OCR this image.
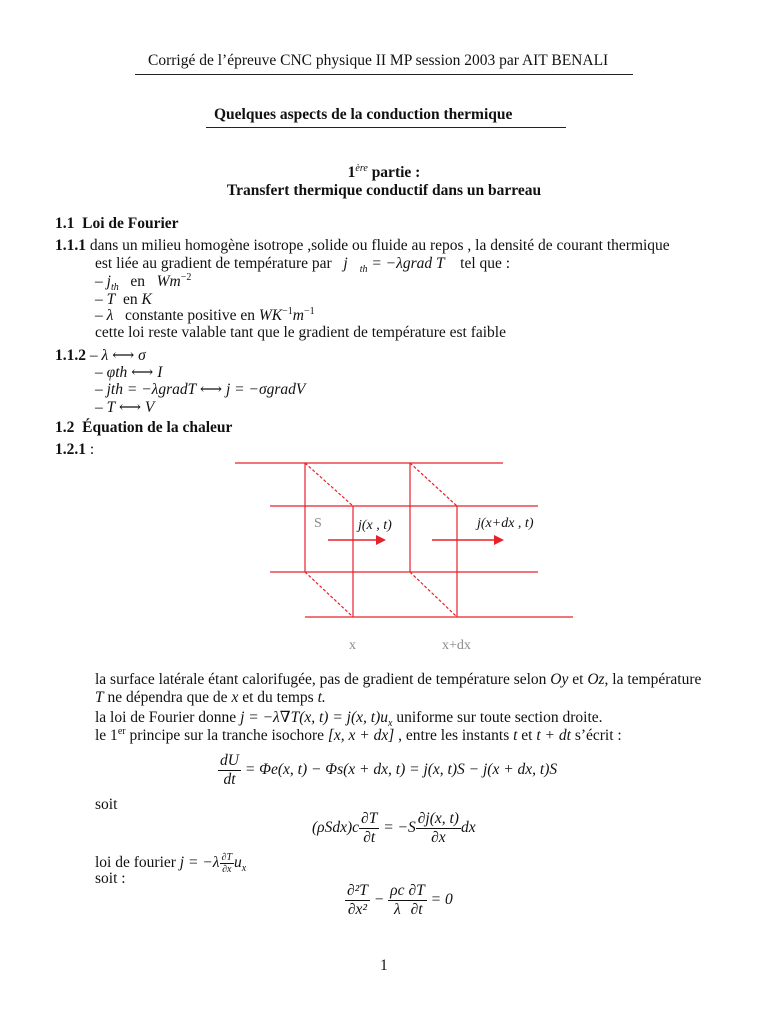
Corrigé de l’épreuve CNC physique II MP session 2003 par AIT BENALI
Quelques aspects de la conduction thermique
1ère partie :
Transfert thermique conductif dans un barreau
1.1 Loi de Fourier
1.1.1 dans un milieu homogène isotrope ,solide ou fluide au repos , la densité de courant thermique
est liée au gradient de température par $j⃗_{th}$ = −λgrad T tel que :
– $j_{th}$ en $Wm^{-2}$
– T en K
– λ constante positive en $WK^{-1}m^{-1}$
cette loi reste valable tant que le gradient de température est faible
1.1.2 – λ ⟷ σ
– φth ⟷ I
– jth = −λgradT ⟷ j = −σgradV
– T ⟷ V
1.2 Équation de la chaleur
1.2.1 :
S	j(x , t)	j(x+dx , t)
x	x+dx
la surface latérale étant calorifugée, pas de gradient de température selon Oy et Oz, la température
T ne dépendra que de x et du temps t.
la loi de Fourier donne j = −λ∇T(x, t) = j(x, $t)u_x$ uniforme sur toute section droite.
le 1er principe sur la tranche isochore [x, x + dx] , entre les instants t et t + dt s’écrit :
$\frac{dU}{dt} = \Phi e(x$, t) − Φs(x + dx, t) = j(x, t)S − j(x + dx, t)S
soit
$(\rho Sdx)c \frac{\partial T}{\partial t} = -S \frac{\partial j(x, t)}{\partial x}$ dx
loi de fourier $j = -\lambda \frac{\partial T}{\partial x} u_x$
soit :
$\frac{\text{∂²T}}{\text{∂x²}} - \frac{\rho c}{\lambda} \frac{\partial T}{\partial t} = 0$
1
